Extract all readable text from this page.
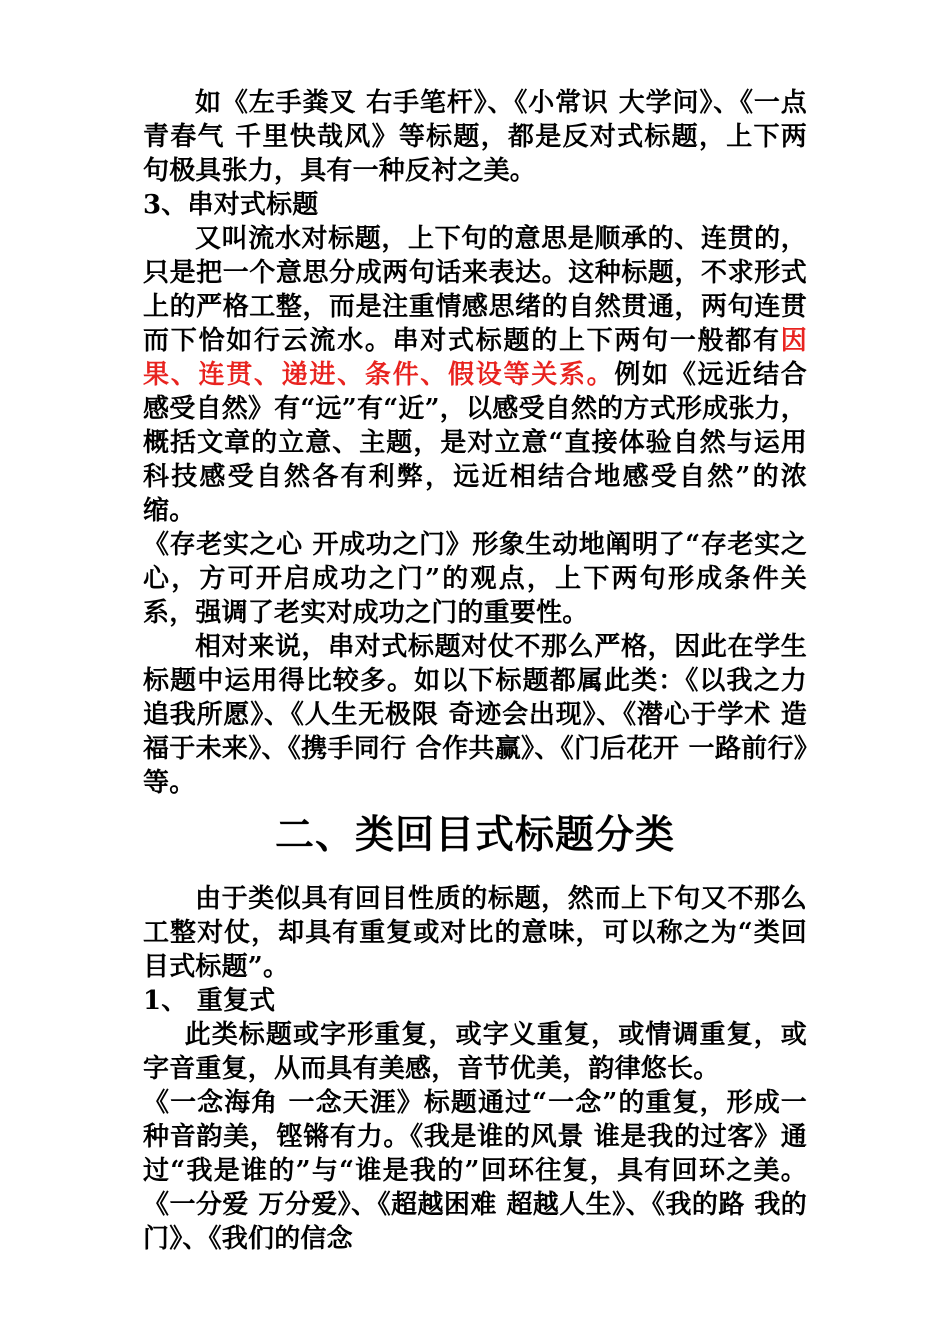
如《左手粪叉 右手笔杆》、《小常识 大学问》、《一点青春气 千里快哉风》等标题，都是反对式标题，上下两句极具张力，具有一种反衬之美。

3、串对式标题

又叫流水对标题，上下句的意思是顺承的、连贯的，只是把一个意思分成两句话来表达。这种标题，不求形式上的严格工整，而是注重情感思绪的自然贯通，两句连贯而下恰如行云流水。串对式标题的上下两句一般都有因果、连贯、递进、条件、假设等关系。例如《远近结合 感受自然》有“远”有“近”，以感受自然的方式形成张力，概括文章的立意、主题，是对立意“直接体验自然与运用科技感受自然各有利弊，远近相结合地感受自然”的浓缩。

《存老实之心 开成功之门》形象生动地阐明了“存老实之心，方可开启成功之门”的观点，上下两句形成条件关系，强调了老实对成功之门的重要性。

相对来说，串对式标题对仗不那么严格，因此在学生标题中运用得比较多。如以下标题都属此类：《以我之力 追我所愿》、《人生无极限 奇迹会出现》、《潜心于学术 造福于未来》、《携手同行 合作共赢》、《门后花开 一路前行》等。

二、类回目式标题分类

由于类似具有回目性质的标题，然而上下句又不那么工整对仗，却具有重复或对比的意味，可以称之为“类回目式标题”。

1、 重复式

此类标题或字形重复，或字义重复，或情调重复，或字音重复，从而具有美感，音节优美，韵律悠长。

《一念海角 一念天涯》标题通过“一念”的重复，形成一种音韵美，铿锵有力。《我是谁的风景 谁是我的过客》通过“我是谁的”与“谁是我的”回环往复，具有回环之美。《一分爱 万分爱》、《超越困难 超越人生》、《我的路 我的门》、《我们的信念
